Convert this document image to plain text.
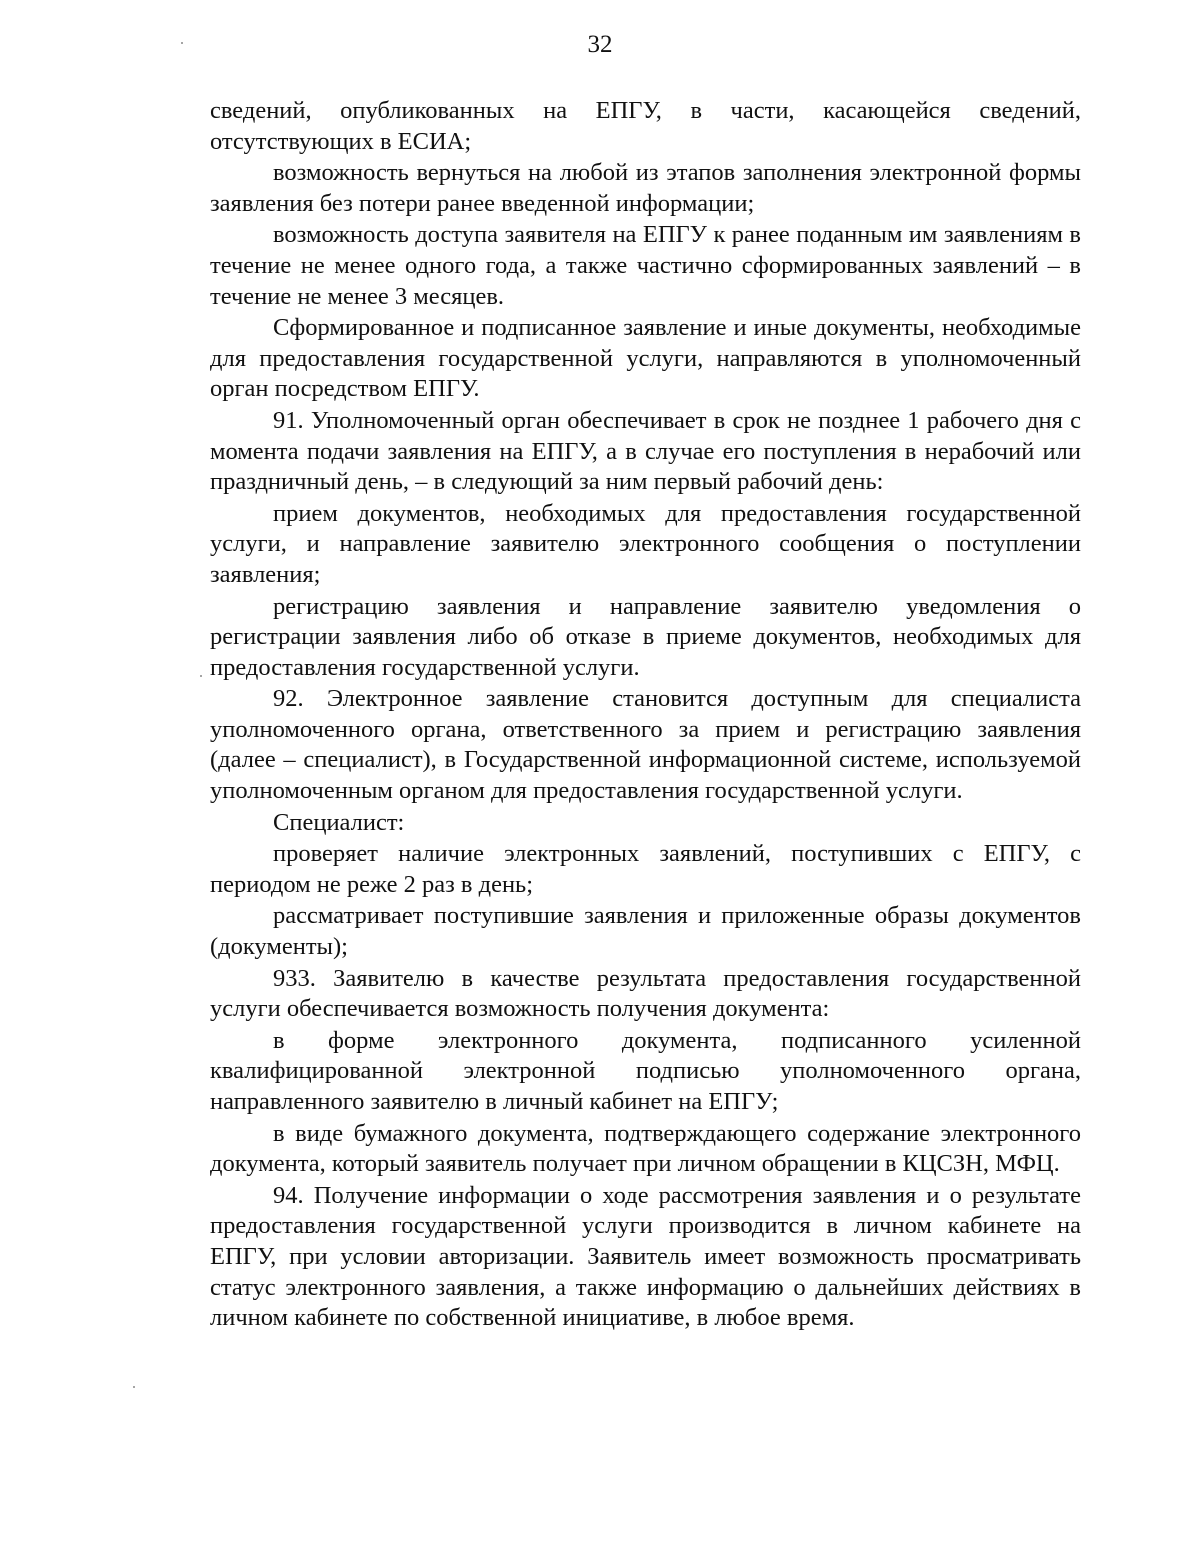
32

сведений, опубликованных на ЕПГУ, в части, касающейся сведений, отсутствующих в ЕСИА;

возможность вернуться на любой из этапов заполнения электронной формы заявления без потери ранее введенной информации;

возможность доступа заявителя на ЕПГУ к ранее поданным им заявлениям в течение не менее одного года, а также частично сформированных заявлений – в течение не менее 3 месяцев.

Сформированное и подписанное заявление и иные документы, необходимые для предоставления государственной услуги, направляются в уполномоченный орган посредством ЕПГУ.

91. Уполномоченный орган обеспечивает в срок не позднее 1 рабочего дня с момента подачи заявления на ЕПГУ, а в случае его поступления в нерабочий или праздничный день, – в следующий за ним первый рабочий день:

прием документов, необходимых для предоставления государственной услуги, и направление заявителю электронного сообщения о поступлении заявления;

регистрацию заявления и направление заявителю уведомления о регистрации заявления либо об отказе в приеме документов, необходимых для предоставления государственной услуги.

92. Электронное заявление становится доступным для специалиста уполномоченного органа, ответственного за прием и регистрацию заявления (далее – специалист), в Государственной информационной системе, используемой уполномоченным органом для предоставления государственной услуги.

Специалист:

проверяет наличие электронных заявлений, поступивших с ЕПГУ, с периодом не реже 2 раз в день;

рассматривает поступившие заявления и приложенные образы документов (документы);

933. Заявителю в качестве результата предоставления государственной услуги обеспечивается возможность получения документа:

в форме электронного документа, подписанного усиленной квалифицированной электронной подписью уполномоченного органа, направленного заявителю в личный кабинет на ЕПГУ;

в виде бумажного документа, подтверждающего содержание электронного документа, который заявитель получает при личном обращении в КЦСЗН, МФЦ.

94. Получение информации о ходе рассмотрения заявления и о результате предоставления государственной услуги производится в личном кабинете на ЕПГУ, при условии авторизации. Заявитель имеет возможность просматривать статус электронного заявления, а также информацию о дальнейших действиях в личном кабинете по собственной инициативе, в любое время.
